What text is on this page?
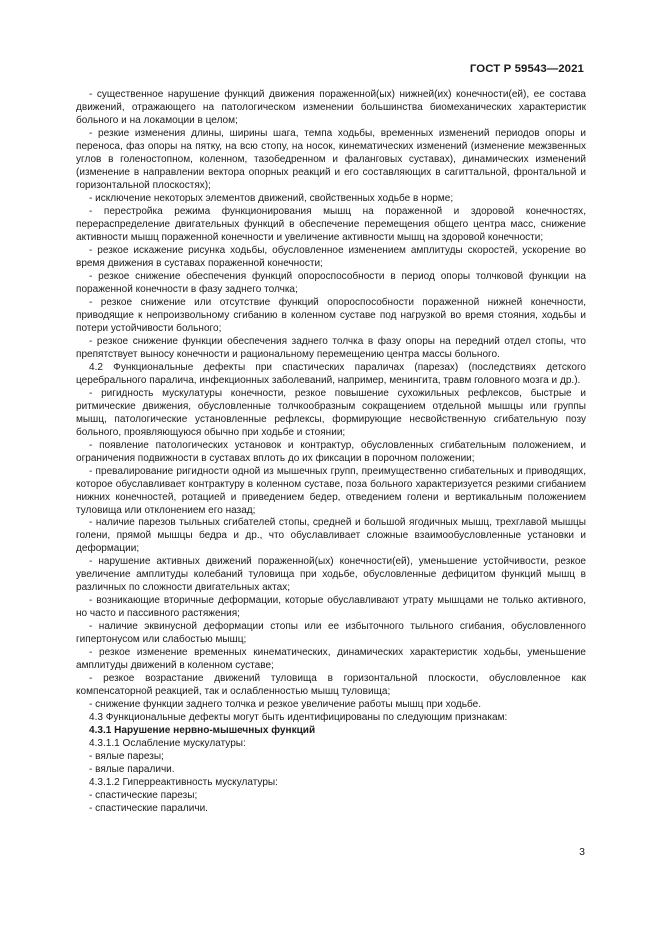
ГОСТ Р 59543—2021

- существенное нарушение функций движения пораженной(ых) нижней(их) конечности(ей), ее состава движений, отражающего на патологическом изменении большинства биомеханических характеристик больного и на локамоции в целом;

- резкие изменения длины, ширины шага, темпа ходьбы, временных изменений периодов опоры и переноса, фаз опоры на пятку, на всю стопу, на носок, кинематических изменений (изменение межзвенных углов в голеностопном, коленном, тазобедренном и фаланговых суставах), динамических изменений (изменение в направлении вектора опорных реакций и его составляющих в сагиттальной, фронтальной и горизонтальной плоскостях);

- исключение некоторых элементов движений, свойственных ходьбе в норме;

- перестройка режима функционирования мышц на пораженной и здоровой конечностях, перераспределение двигательных функций в обеспечение перемещения общего центра масс, снижение активности мышц пораженной конечности и увеличение активности мышц на здоровой конечности;

- резкое искажение рисунка ходьбы, обусловленное изменением амплитуды скоростей, ускорение во время движения в суставах пораженной конечности;

- резкое снижение обеспечения функций опороспособности в период опоры толчковой функции на пораженной конечности в фазу заднего толчка;

- резкое снижение или отсутствие функций опороспособности пораженной нижней конечности, приводящие к непроизвольному сгибанию в коленном суставе под нагрузкой во время стояния, ходьбы и потери устойчивости больного;

- резкое снижение функции обеспечения заднего толчка в фазу опоры на передний отдел стопы, что препятствует выносу конечности и рациональному перемещению центра массы больного.

4.2 Функциональные дефекты при спастических параличах (парезах) (последствиях детского церебрального паралича, инфекционных заболеваний, например, менингита, травм головного мозга и др.).

- ригидность мускулатуры конечности, резкое повышение сухожильных рефлексов, быстрые и ритмические движения, обусловленные толчкообразным сокращением отдельной мышцы или группы мышц, патологические установленные рефлексы, формирующие несвойственную сгибательную позу больного, проявляющуюся обычно при ходьбе и стоянии;

- появление патологических установок и контрактур, обусловленных сгибательным положением, и ограничения подвижности в суставах вплоть до их фиксации в порочном положении;

- превалирование ригидности одной из мышечных групп, преимущественно сгибательных и приводящих, которое обуславливает контрактуру в коленном суставе, поза больного характеризуется резкими сгибанием нижних конечностей, ротацией и приведением бедер, отведением голени и вертикальным положением туловища или отклонением его назад;

- наличие парезов тыльных сгибателей стопы, средней и большой ягодичных мышц, трехглавой мышцы голени, прямой мышцы бедра и др., что обуславливает сложные взаимообусловленные установки и деформации;

- нарушение активных движений пораженной(ых) конечности(ей), уменьшение устойчивости, резкое увеличение амплитуды колебаний туловища при ходьбе, обусловленные дефицитом функций мышц в различных по сложности двигательных актах;

- возникающие вторичные деформации, которые обуславливают утрату мышцами не только активного, но часто и пассивного растяжения;

- наличие эквинусной деформации стопы или ее избыточного тыльного сгибания, обусловленного гипертонусом или слабостью мышц;

- резкое изменение временных кинематических, динамических характеристик ходьбы, уменьшение амплитуды движений в коленном суставе;

- резкое возрастание движений туловища в горизонтальной плоскости, обусловленное как компенсаторной реакцией, так и ослабленностью мышц туловища;

- снижение функции заднего толчка и резкое увеличение работы мышц при ходьбе.

4.3 Функциональные дефекты могут быть идентифицированы по следующим признакам:

4.3.1 Нарушение нервно-мышечных функций

4.3.1.1 Ослабление мускулатуры:

- вялые парезы;

- вялые параличи.

4.3.1.2 Гиперреактивность мускулатуры:

- спастические парезы;

- спастические параличи.

3
